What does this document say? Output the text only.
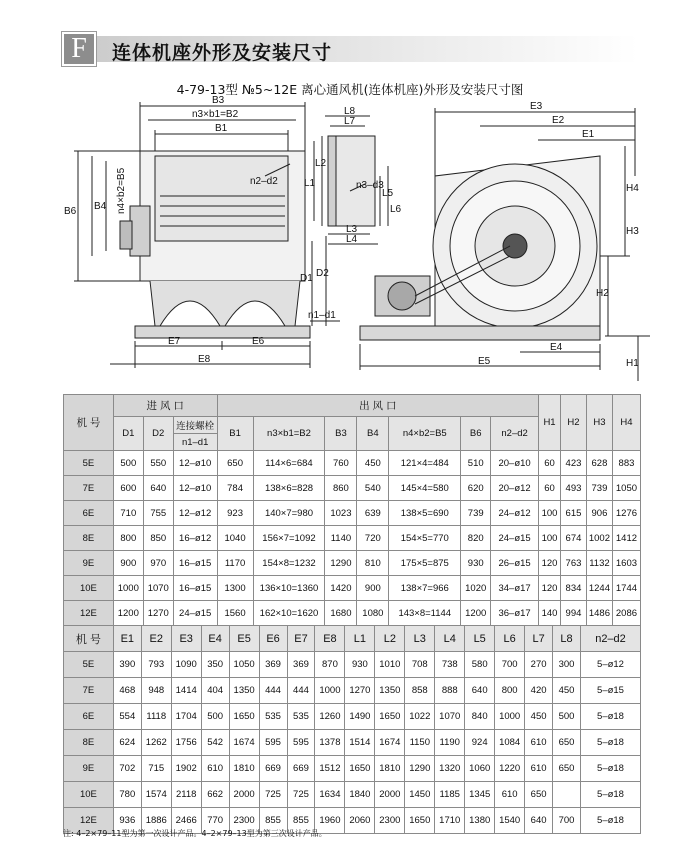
F	连体机座外形及安装尺寸
4-79-13型 №5~12E 离心通风机(连体机座)外形及安装尺寸图
B3
n3×b1=B2
B1
B6	n4×b2=B5
B4
n2–d2
D1 D2
n1–d1
E7	E6
E8
L8
L7
L1
L2
n3–d3
L5
L6
L3
L4
E3
E2
E1
H4
H3
H2
E4
E5	H1
机 号	进 风 口			出 风 口							H1	H2	H3	H4
	D1	D2	连接螺栓	B1	n3×b1=B2	B3	B4	n4×b2=B5	B6	n2–d2				
			n1–d1											
5E	500	550	12–ø10	650	114×6=684	760	450	121×4=484	510	20–ø10	60	423	628	883
7E	600	640	12–ø10	784	138×6=828	860	540	145×4=580	620	20–ø12	60	493	739	1050
6E	710	755	12–ø12	923	140×7=980	1023	639	138×5=690	739	24–ø12	100	615	906	1276
8E	800	850	16–ø12	1040	156×7=1092	1140	720	154×5=770	820	24–ø15	100	674	1002	1412
9E	900	970	16–ø15	1170	154×8=1232	1290	810	175×5=875	930	26–ø15	120	763	1132	1603
10E	1000	1070	16–ø15	1300	136×10=1360	1420	900	138×7=966	1020	34–ø17	120	834	1244	1744
12E	1200	1270	24–ø15	1560	162×10=1620	1680	1080	143×8=1144	1200	36–ø17	140	994	1486	2086
机 号	E1	E2	E3	E4	E5	E6	E7	E8	L1	L2	L3	L4	L5	L6	L7	L8	n2–d2
5E	390	793	1090	350	1050	369	369	870	930	1010	708	738	580	700	270	300	5–ø12
7E	468	948	1414	404	1350	444	444	1000	1270	1350	858	888	640	800	420	450	5–ø15
6E	554	1118	1704	500	1650	535	535	1260	1490	1650	1022	1070	840	1000	450	500	5–ø18
8E	624	1262	1756	542	1674	595	595	1378	1514	1674	1150	1190	924	1084	610	650	5–ø18
9E	702	715	1902	610	1810	669	669	1512	1650	1810	1290	1320	1060	1220	610	650	5–ø18
10E	780	1574	2118	662	2000	725	725	1634	1840	2000	1450	1185	1345	610	650		5–ø18
12E	936	1886	2466	770	2300	855	855	1960	2060	2300	1650	1710	1380	1540	640	700	5–ø18
注: 4–2×79–11型为第一次设计产品。4–2×79–13型为第三次设计产品。
